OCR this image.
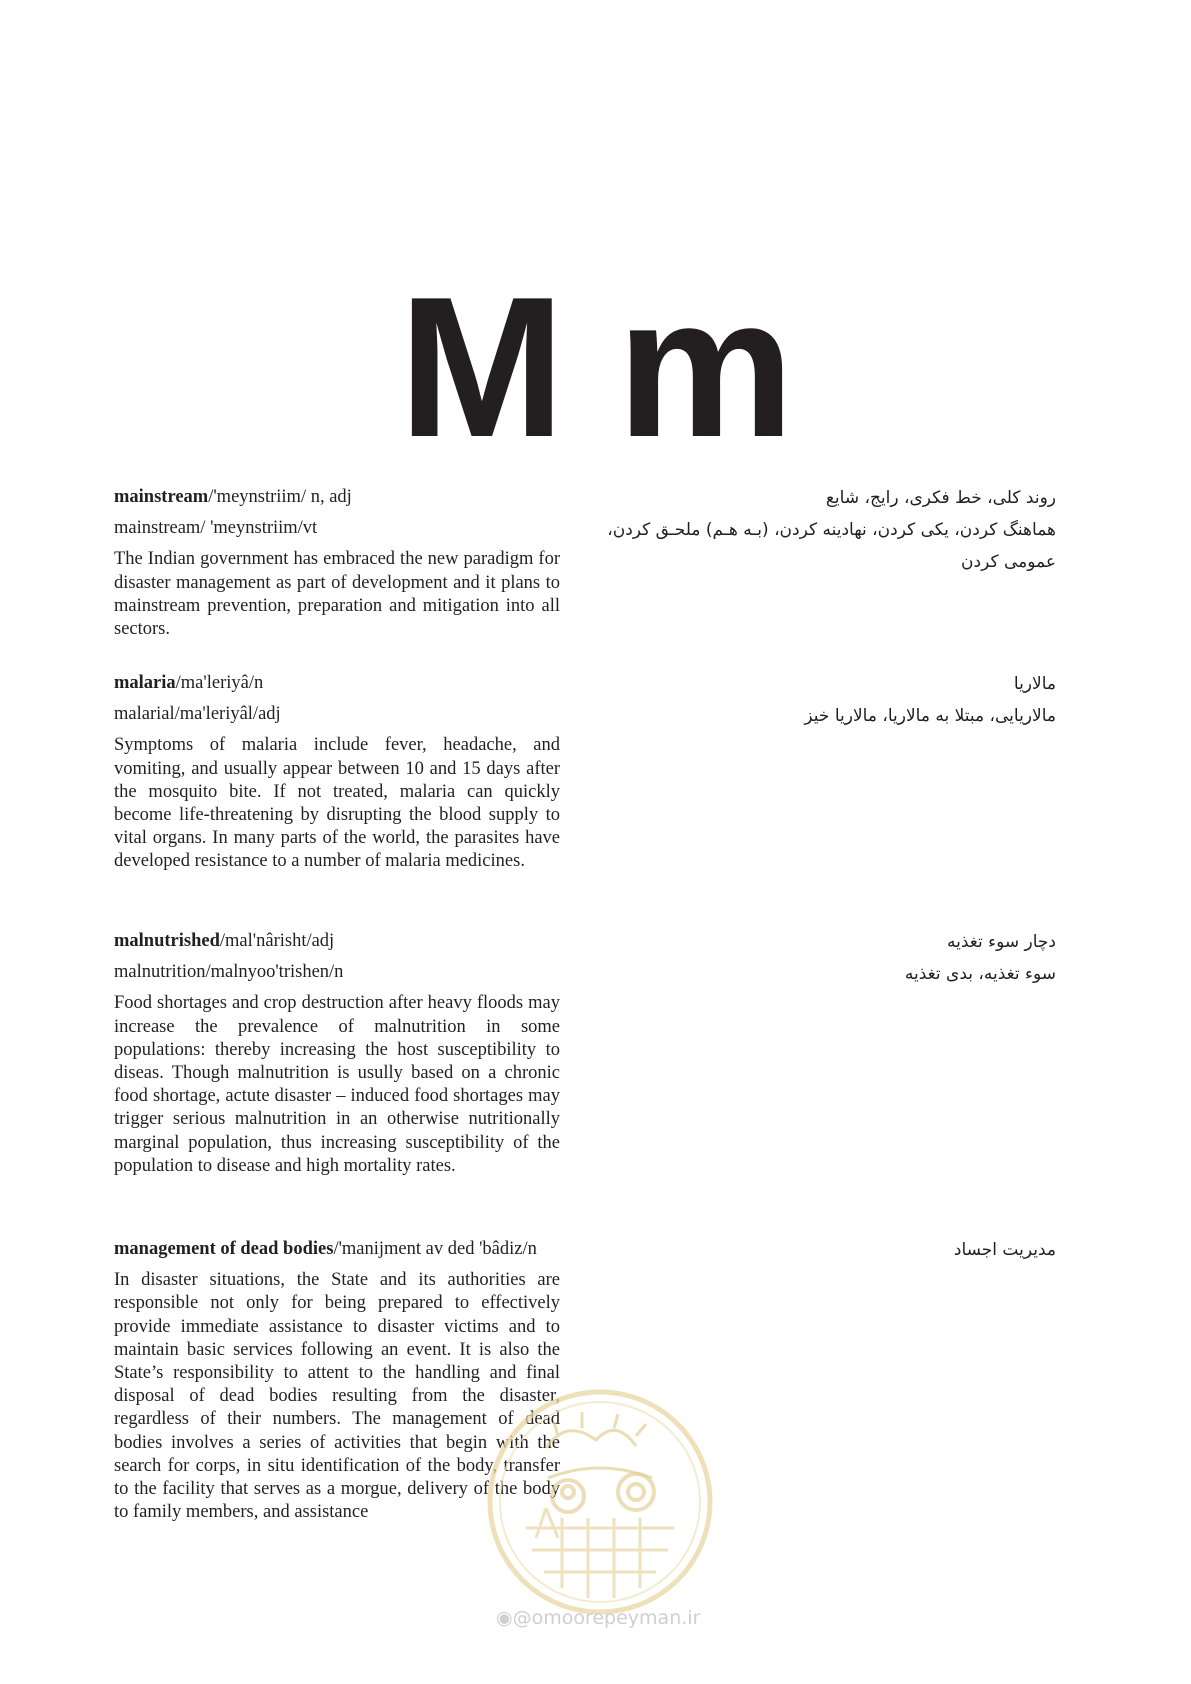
M m

mainstream/'meynstriim/ n, adj

mainstream/ 'meynstriim/vt

The Indian government has embraced the new paradigm for disaster management as part of development and it plans to mainstream prevention, preparation and mitigation into all sectors.

روند کلی، خط فکری، رایج، شایع

هماهنگ کردن، یکی کردن، نهادینه کردن، (بـه هـم) ملحـق کردن، عمومی کردن

malaria/ma'leriyâ/n

malarial/ma'leriyâl/adj

Symptoms of malaria include fever, headache, and vomiting, and usually appear between 10 and 15 days after the mosquito bite. If not treated, malaria can quickly become life-threatening by disrupting the blood supply to vital organs. In many parts of the world, the parasites have developed resistance to a number of malaria medicines.

مالاریا

مالاریایی، مبتلا به مالاریا، مالاریا خیز

malnutrished/mal'nârisht/adj

malnutrition/malnyoo'trishen/n

Food shortages and crop destruction after heavy floods may increase the prevalence of malnutrition in some populations: thereby increasing the host susceptibility to diseas. Though malnutrition is usully based on a chronic food shortage, actute disaster – induced food shortages may trigger serious malnutrition in an otherwise nutritionally marginal population, thus increasing susceptibility of the population to disease and high mortality rates.

دچار سوء تغذیه

سوء تغذیه، بدی تغذیه

management of dead bodies/'manijment av ded 'bâdiz/n

In disaster situations, the State and its authorities are responsible not only for being prepared to effectively provide immediate assistance to disaster victims and to maintain basic services following an event. It is also the State’s responsibility to attent to the handling and final disposal of dead bodies resulting from the disaster, regardless of their numbers. The management of dead bodies involves a series of activities that begin with the search for corps, in situ identification of the body, transfer to the facility that serves as a morgue, delivery of the body to family members, and assistance

مدیریت اجساد

◉@omoorepeyman.ir
